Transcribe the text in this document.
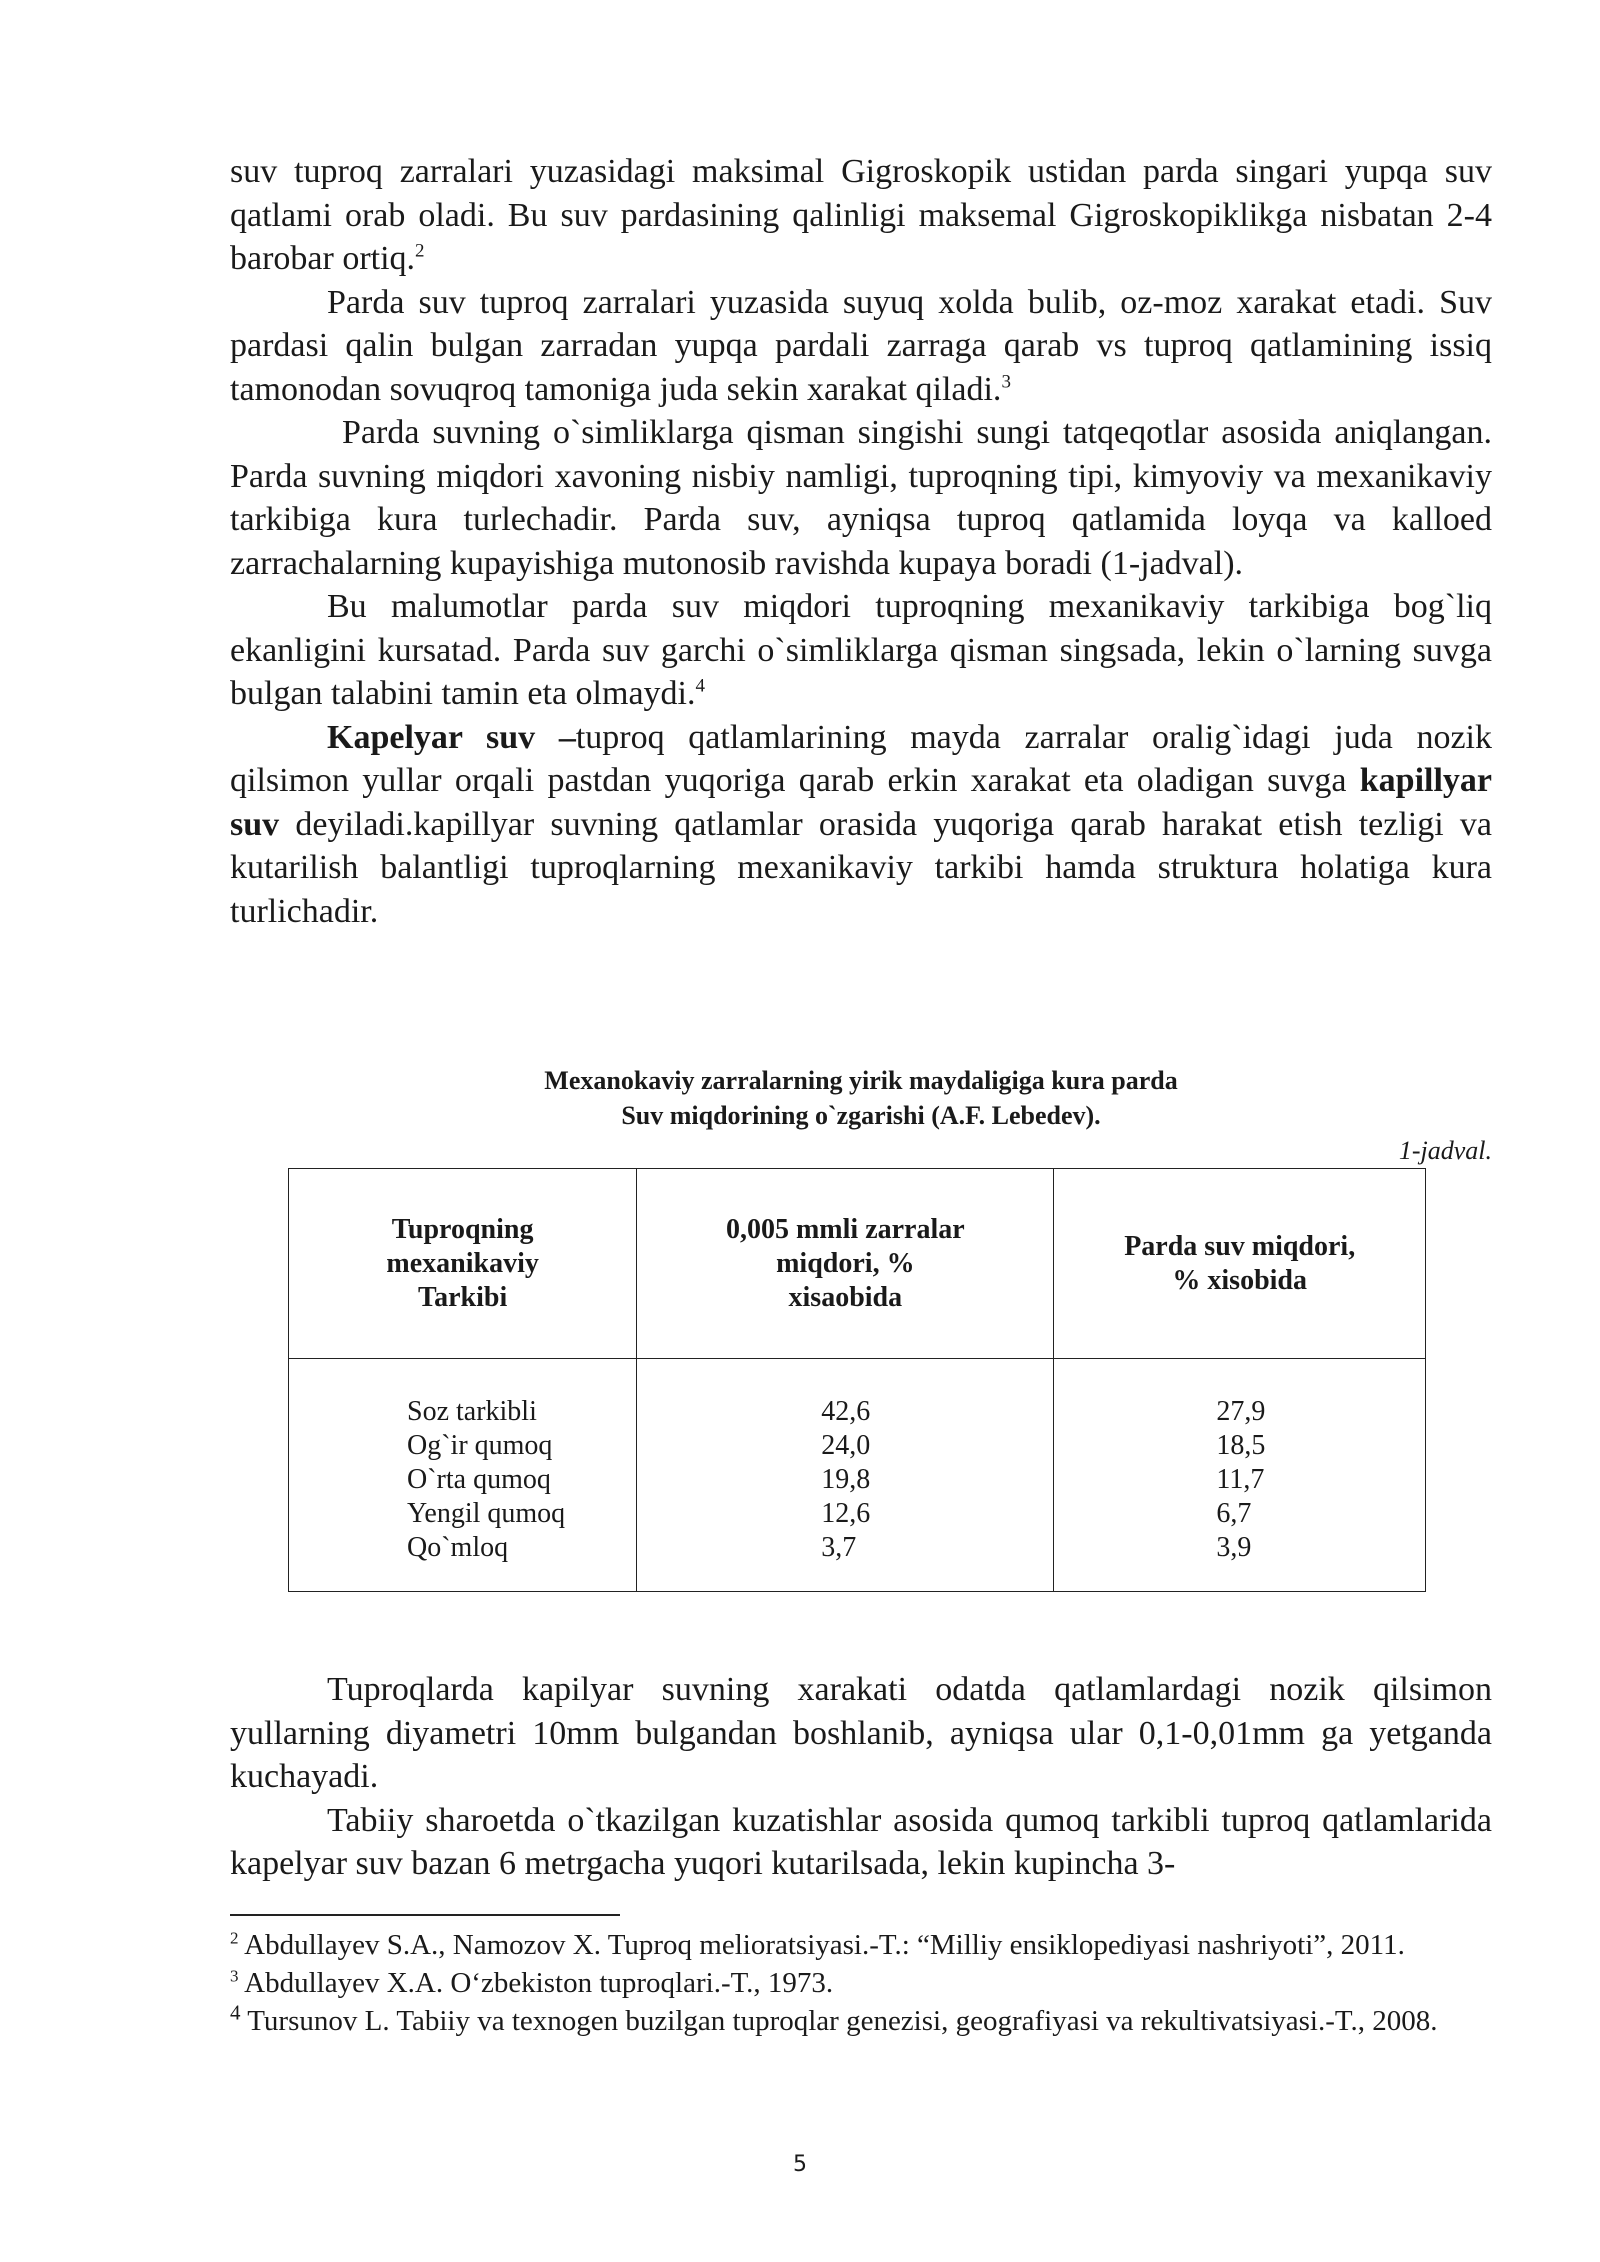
suv tuproq zarralari yuzasidagi maksimal Gigroskopik ustidan parda singari yupqa suv qatlami orab oladi. Bu suv pardasining qalinligi maksemal Gigroskopiklikga nisbatan 2-4 barobar ortiq.$^2$

Parda suv tuproq zarralari yuzasida suyuq xolda bulib, oz-moz xarakat etadi. Suv pardasi qalin bulgan zarradan yupqa pardali zarraga qarab vs tuproq qatlamining issiq tamonodan sovuqroq tamoniga juda sekin xarakat qiladi.$^3$

Parda suvning o`simliklarga qisman singishi sungi tatqeqotlar asosida aniqlangan. Parda suvning miqdori xavoning nisbiy namligi, tuproqning tipi, kimyoviy va mexanikaviy tarkibiga kura turlechadir. Parda suv, ayniqsa tuproq qatlamida loyqa va kalloed zarrachalarning kupayishiga mutonosib ravishda kupaya boradi (1-jadval).

Bu malumotlar parda suv miqdori tuproqning mexanikaviy tarkibiga bog`liq ekanligini kursatad. Parda suv garchi o`simliklarga qisman singsada, lekin o`larning suvga bulgan talabini tamin eta olmaydi.$^4$

Kapelyar suv –tuproq qatlamlarining mayda zarralar oralig`idagi juda nozik qilsimon yullar orqali pastdan yuqoriga qarab erkin xarakat eta oladigan suvga kapillyar suv deyiladi.kapillyar suvning qatlamlar orasida yuqoriga qarab harakat etish tezligi va kutarilish balantligi tuproqlarning mexanikaviy tarkibi hamda struktura holatiga kura turlichadir.

Mexanokaviy zarralarning yirik maydaligiga kura parda
Suv miqdorining o`zgarishi (A.F. Lebedev).
1-jadval.
Tuproqning
mexanikaviy
Tarkibi	0,005 mmli zarralar
miqdori, %
xisaobida	Parda suv miqdori,
% xisobida

Soz tarkibli
Og`ir qumoq
O`rta qumoq
Yengil qumoq
Qo`mloq	42,6
24,0
19,8
12,6
3,7	27,9
18,5
11,7
6,7
3,9

Tuproqlarda kapilyar suvning xarakati odatda qatlamlardagi nozik qilsimon yullarning diyametri 10mm bulgandan boshlanib, ayniqsa ular 0,1-0,01mm ga yetganda kuchayadi.

Tabiiy sharoetda o`tkazilgan kuzatishlar asosida qumoq tarkibli tuproq qatlamlarida kapelyar suv bazan 6 metrgacha yuqori kutarilsada, lekin kupincha 3-

$^2$ Abdullayev S.A., Namozov X. Tuproq melioratsiyasi.-T.: “Milliy ensiklopediyasi nashriyoti”, 2011.

$^3$ Abdullayev X.A. O‘zbekiston tuproqlari.-T., 1973.

$^4$ Tursunov L. Tabiiy va texnogen buzilgan tuproqlar genezisi, geografiyasi va rekultivatsiyasi.-T., 2008.

5
